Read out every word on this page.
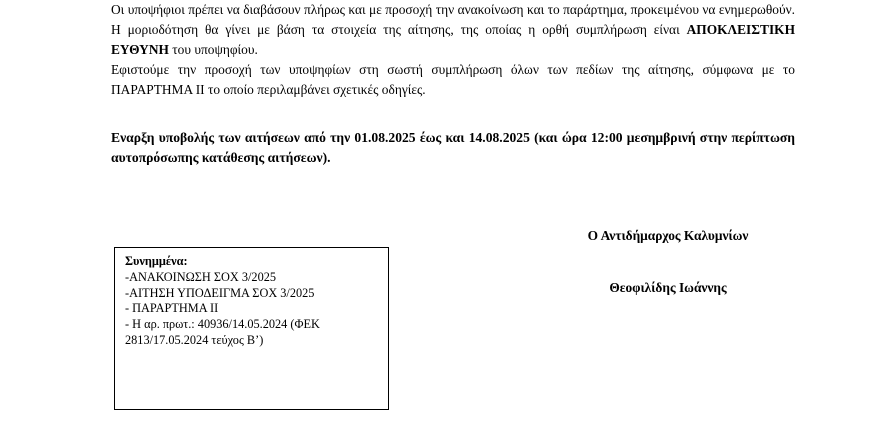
Οι υποψήφιοι πρέπει να διαβάσουν πλήρως και με προσοχή την ανακοίνωση και το παράρτημα, προκειμένου να ενημερωθούν. Η μοριοδότηση θα γίνει με βάση τα στοιχεία της αίτησης, της οποίας η ορθή συμπλήρωση είναι ΑΠΟΚΛΕΙΣΤΙΚΗ ΕΥΘΥΝΗ του υποψηφίου.

Εφιστούμε την προσοχή των υποψηφίων στη σωστή συμπλήρωση όλων των πεδίων της αίτησης, σύμφωνα με το ΠΑΡΑΡΤΗΜΑ ΙΙ το οποίο περιλαμβάνει σχετικές οδηγίες.

Εναρξη υποβολής των αιτήσεων από την 01.08.2025 έως και 14.08.2025 (και ώρα 12:00 μεσημβρινή στην περίπτωση αυτοπρόσωπης κατάθεσης αιτήσεων).

Συνημμένα:
-ΑΝΑΚΟΙΝΩΣΗ ΣΟΧ 3/2025
-ΑΙΤΗΣΗ ΥΠΟΔΕΙΓΜΑ ΣΟΧ 3/2025
- ΠΑΡΑΡΤΗΜΑ ΙΙ
- Η αρ. πρωτ.: 40936/14.05.2024 (ΦΕΚ 2813/17.05.2024 τεύχος Β’)
Ο Αντιδήμαρχος Καλυμνίων
Θεοφιλίδης Ιωάννης
